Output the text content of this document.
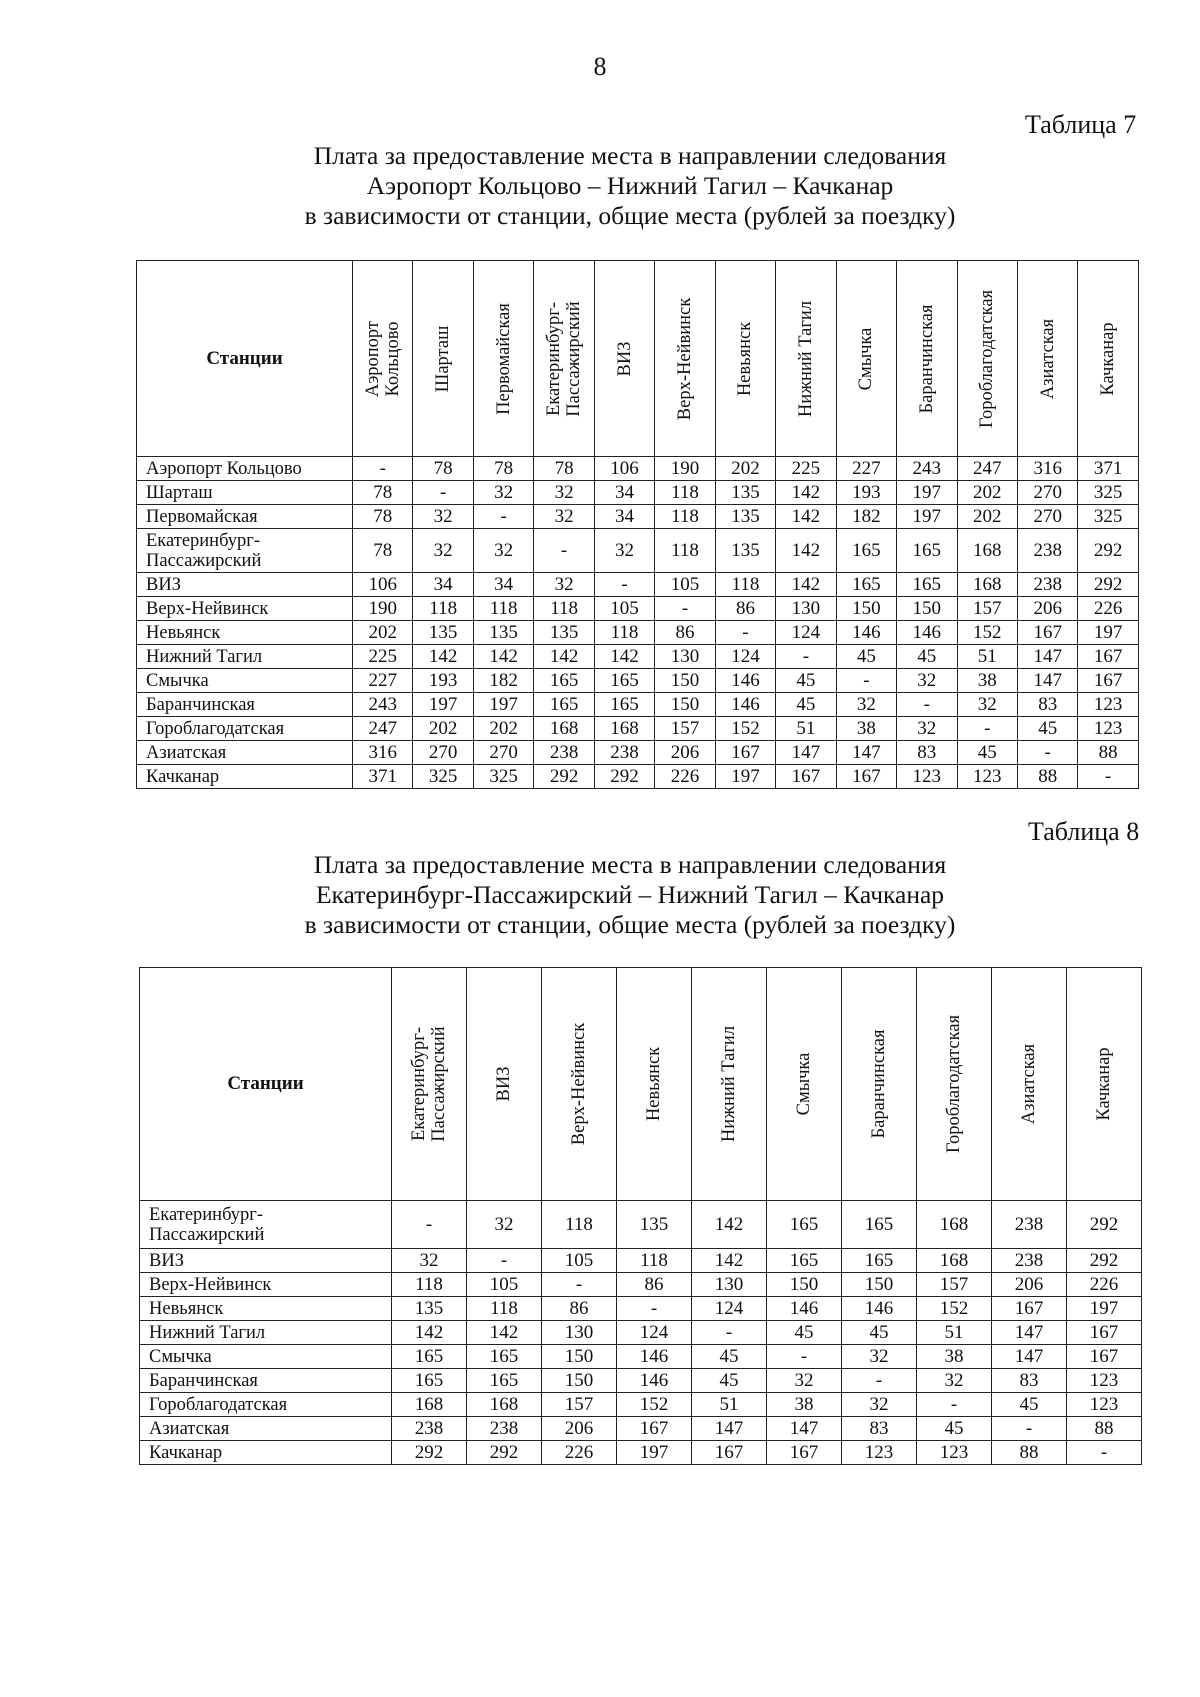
8
Таблица 7
Плата за предоставление места в направлении следования
Аэропорт Кольцово – Нижний Тагил – Качканар
в зависимости от станции, общие места (рублей за поездку)
Станции	Аэропорт Кольцово	Шарташ	Первомайская	Екатеринбург- Пассажирский	ВИЗ	Верх-Нейвинск	Невьянск	Нижний Тагил	Смычка	Баранчинская	Гороблагодатская	Азиатская	Качканар

Аэропорт Кольцово	-	78	78	78	106	190	202	225	227	243	247	316	371

Шарташ	78	-	32	32	34	118	135	142	193	197	202	270	325

Первомайская	78	32	-	32	34	118	135	142	182	197	202	270	325

Екатеринбург-
Пассажирский	78	32	32	-	32	118	135	142	165	165	168	238	292

ВИЗ	106	34	34	32	-	105	118	142	165	165	168	238	292

Верх-Нейвинск	190	118	118	118	105	-	86	130	150	150	157	206	226

Невьянск	202	135	135	135	118	86	-	124	146	146	152	167	197

Нижний Тагил	225	142	142	142	142	130	124	-	45	45	51	147	167

Смычка	227	193	182	165	165	150	146	45	-	32	38	147	167

Баранчинская	243	197	197	165	165	150	146	45	32	-	32	83	123

Гороблагодатская	247	202	202	168	168	157	152	51	38	32	-	45	123

Азиатская	316	270	270	238	238	206	167	147	147	83	45	-	88

Качканар	371	325	325	292	292	226	197	167	167	123	123	88	-
Таблица 8
Плата за предоставление места в направлении следования
Екатеринбург-Пассажирский – Нижний Тагил – Качканар
в зависимости от станции, общие места (рублей за поездку)
Станции	Екатеринбург- Пассажирский	ВИЗ	Верх-Нейвинск	Невьянск	Нижний Тагил	Смычка	Баранчинская	Гороблагодатская	Азиатская	Качканар

Екатеринбург-
Пассажирский	-	32	118	135	142	165	165	168	238	292

ВИЗ	32	-	105	118	142	165	165	168	238	292

Верх-Нейвинск	118	105	-	86	130	150	150	157	206	226

Невьянск	135	118	86	-	124	146	146	152	167	197

Нижний Тагил	142	142	130	124	-	45	45	51	147	167

Смычка	165	165	150	146	45	-	32	38	147	167

Баранчинская	165	165	150	146	45	32	-	32	83	123

Гороблагодатская	168	168	157	152	51	38	32	-	45	123

Азиатская	238	238	206	167	147	147	83	45	-	88

Качканар	292	292	226	197	167	167	123	123	88	-
